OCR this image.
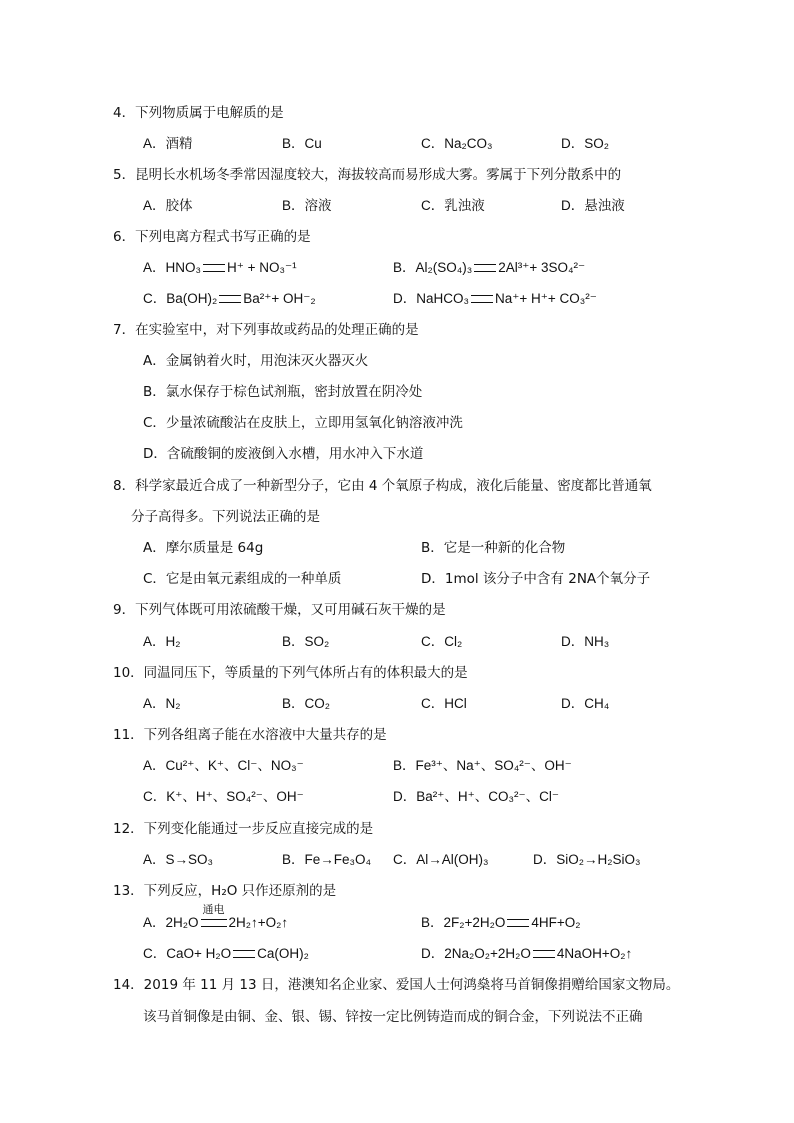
4．下列物质属于电解质的是
A．酒精	B．Cu	C．Na₂CO₃	D．SO₂
5．昆明长水机场冬季常因湿度较大，海拔较高而易形成大雾。雾属于下列分散系中的
A．胶体	B．溶液	C．乳浊液	D．悬浊液
6．下列电离方程式书写正确的是
A．HNO₃ H⁺ + NO₃⁻¹	B．Al₂(SO₄)₃ 2Al³⁺+ 3SO₄²⁻
C．Ba(OH)₂ Ba²⁺+ OH⁻₂	D．NaHCO₃ Na⁺+ H⁺+ CO₃²⁻
7．在实验室中，对下列事故或药品的处理正确的是
A．金属钠着火时，用泡沫灭火器灭火
B．氯水保存于棕色试剂瓶，密封放置在阴冷处
C．少量浓硫酸沾在皮肤上，立即用氢氧化钠溶液冲洗
D．含硫酸铜的废液倒入水槽，用水冲入下水道
8．科学家最近合成了一种新型分子，它由 4 个氧原子构成，液化后能量、密度都比普通氧
分子高得多。下列说法正确的是
A．摩尔质量是 64g	B．它是一种新的化合物
C．它是由氧元素组成的一种单质	D．1mol 该分子中含有 2NA个氧分子
9．下列气体既可用浓硫酸干燥，又可用碱石灰干燥的是
A．H₂	B．SO₂	C．Cl₂	D．NH₃
10．同温同压下，等质量的下列气体所占有的体积最大的是
A．N₂	B．CO₂	C．HCl	D．CH₄
11．下列各组离子能在水溶液中大量共存的是
A．Cu²⁺、K⁺、Cl⁻、NO₃⁻	B．Fe³⁺、Na⁺、SO₄²⁻、OH⁻
C．K⁺、H⁺、SO₄²⁻、OH⁻	D．Ba²⁺、H⁺、CO₃²⁻、Cl⁻
12．下列变化能通过一步反应直接完成的是
A．S→SO₃	B．Fe→Fe₃O₄ C．Al→Al(OH)₃	D．SiO₂→H₂SiO₃
13．下列反应，H₂O 只作还原剂的是
A．2H₂O
通电
2H₂↑+O₂↑	B．2F₂+2H₂O 4HF+O₂
C．CaO+ H₂O Ca(OH)₂	D．2Na₂O₂+2H₂O 4NaOH+O₂↑
14．2019 年 11 月 13 日，港澳知名企业家、爱国人士何鸿燊将马首铜像捐赠给国家文物局。
该马首铜像是由铜、金、银、锡、锌按一定比例铸造而成的铜合金，下列说法不正确
